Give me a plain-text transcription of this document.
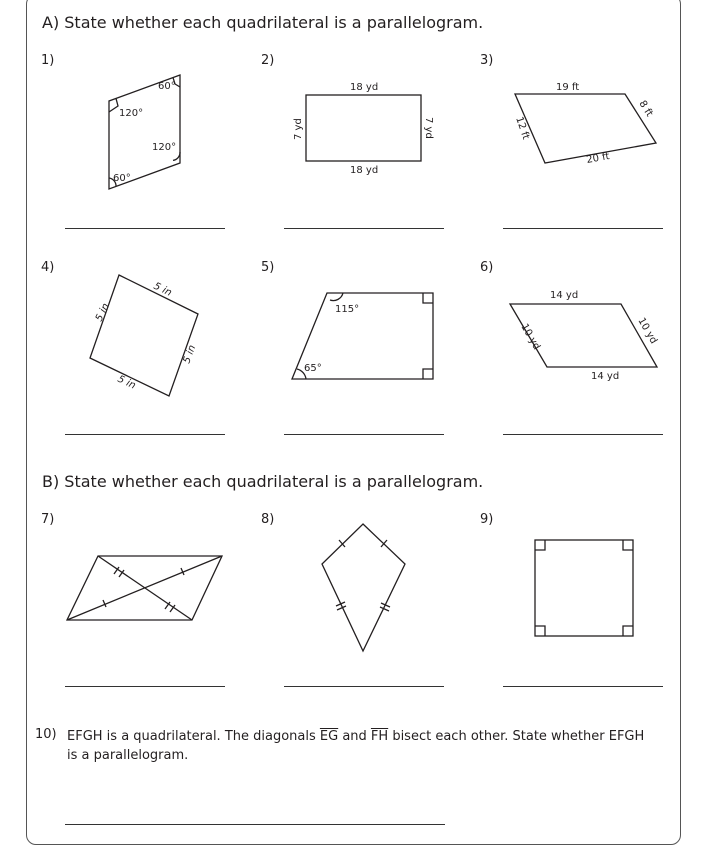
A) State whether each quadrilateral is a parallelogram.
B) State whether each quadrilateral is a parallelogram.
1)	2)	3)
4)	5)	6)
7)	8)	9)
10) EFGH is a quadrilateral. The diagonals $\overline{EG}$ and $\overline{FH}$ bisect each other. State whether EFGH is a parallelogram.
60°
120°
120°
60°
18 yd
18 yd
7 yd	7 yd
19 ft
8 ft
12 ft
20 ft
5 in
5 in
5 in
5 in
115°
65°
14 yd
14 yd
10 yd	10 yd
